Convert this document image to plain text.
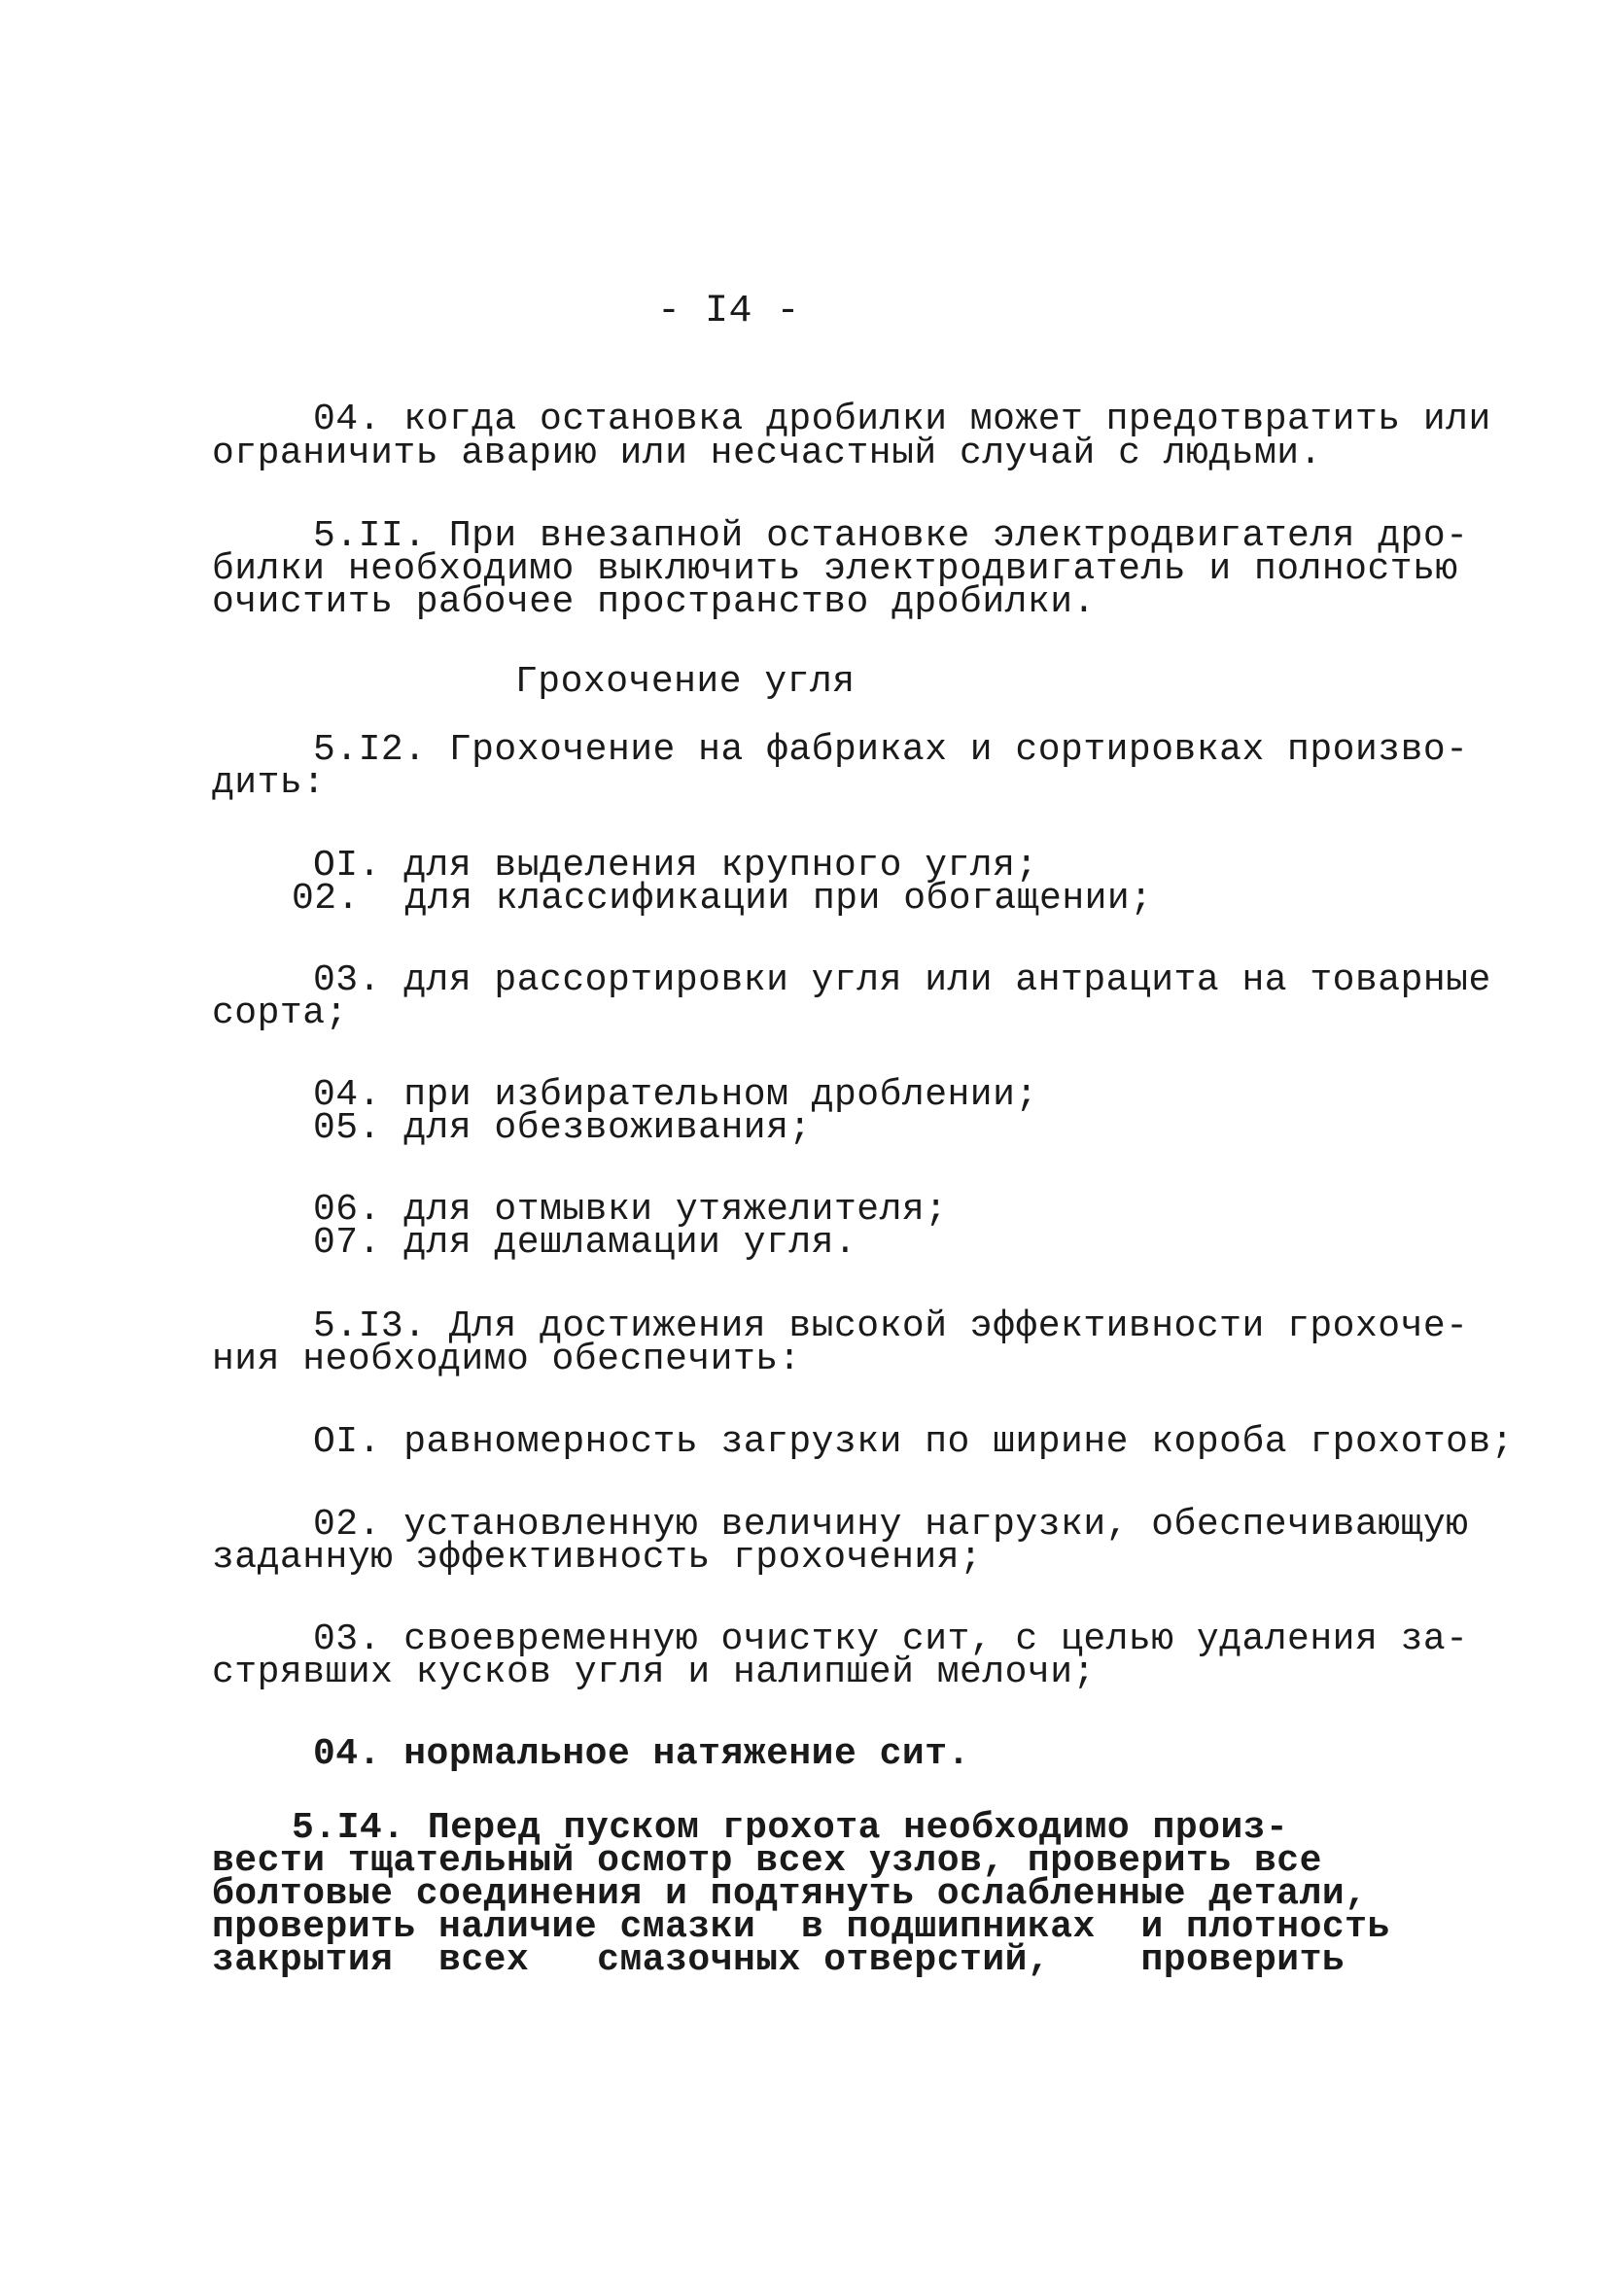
- I4 -
04. когда остановка дробилки может предотвратить или
ограничить аварию или несчастный случай с людьми.
5.II. При внезапной остановке электродвигателя дро-
билки необходимо выключить электродвигатель и полностью
очистить рабочее пространство дробилки.
Грохочение угля
5.I2. Грохочение на фабриках и сортировках произво-
дить:
OI. для выделения крупного угля;
02.  для классификации при обогащении;
03. для рассортировки угля или антрацита на товарные
сорта;
04. при избирательном дроблении;
05. для обезвоживания;
06. для отмывки утяжелителя;
07. для дешламации угля.
5.I3. Для достижения высокой эффективности грохоче-
ния необходимо обеспечить:
OI. равномерность загрузки по ширине короба грохотов;
02. установленную величину нагрузки, обеспечивающую
заданную эффективность грохочения;
03. своевременную очистку сит, с целью удаления за-
стрявших кусков угля и налипшей мелочи;
04. нормальное натяжение сит.
5.I4. Перед пуском грохота необходимо произ-
вести тщательный осмотр всех узлов, проверить все
болтовые соединения и подтянуть ослабленные детали,
проверить наличие смазки  в подшипниках  и плотность
закрытия  всех   смазочных отверстий,    проверить
